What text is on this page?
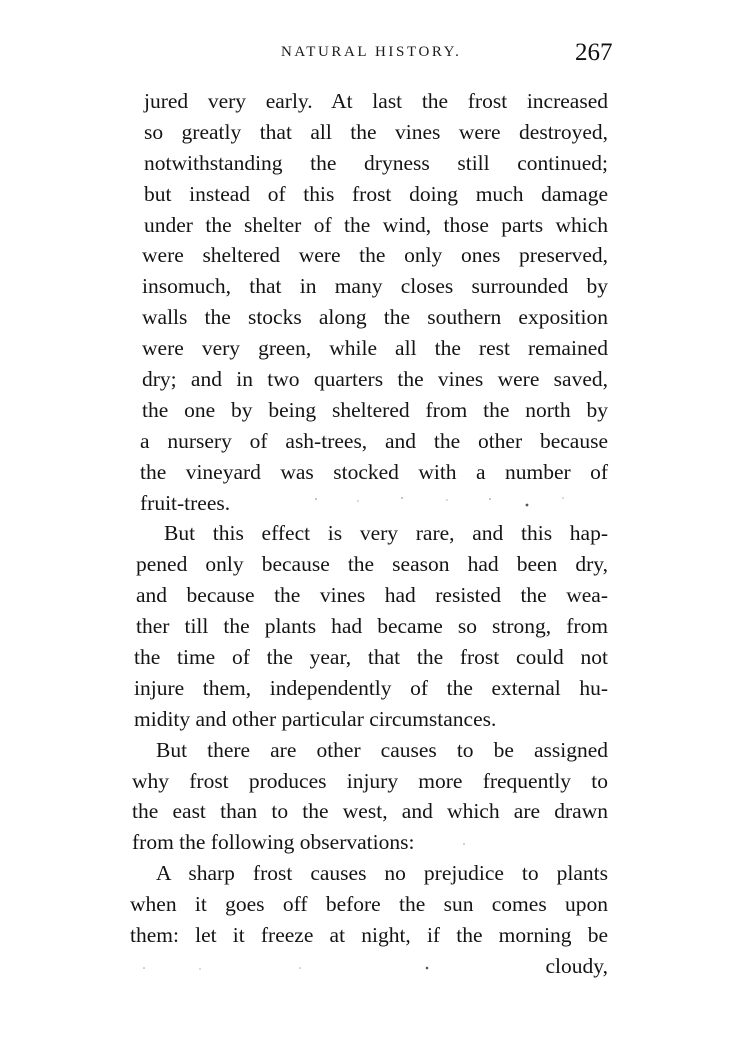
NATURAL HISTORY.	267
jured very early. At last the frost increased
so greatly that all the vines were destroyed,
notwithstanding the dryness still continued;
but instead of this frost doing much damage
under the shelter of the wind, those parts which
were sheltered were the only ones preserved,
insomuch, that in many closes surrounded by
walls the stocks along the southern exposition
were very green, while all the rest remained
dry; and in two quarters the vines were saved,
the one by being sheltered from the north by
a nursery of ash-trees, and the other because
the vineyard was stocked with a number of
fruit-trees.
But this effect is very rare, and this hap-
pened only because the season had been dry,
and because the vines had resisted the wea-
ther till the plants had became so strong, from
the time of the year, that the frost could not
injure them, independently of the external hu-
midity and other particular circumstances.
But there are other causes to be assigned
why frost produces injury more frequently to
the east than to the west, and which are drawn
from the following observations:
A sharp frost causes no prejudice to plants
when it goes off before the sun comes upon
them: let it freeze at night, if the morning be
cloudy,
